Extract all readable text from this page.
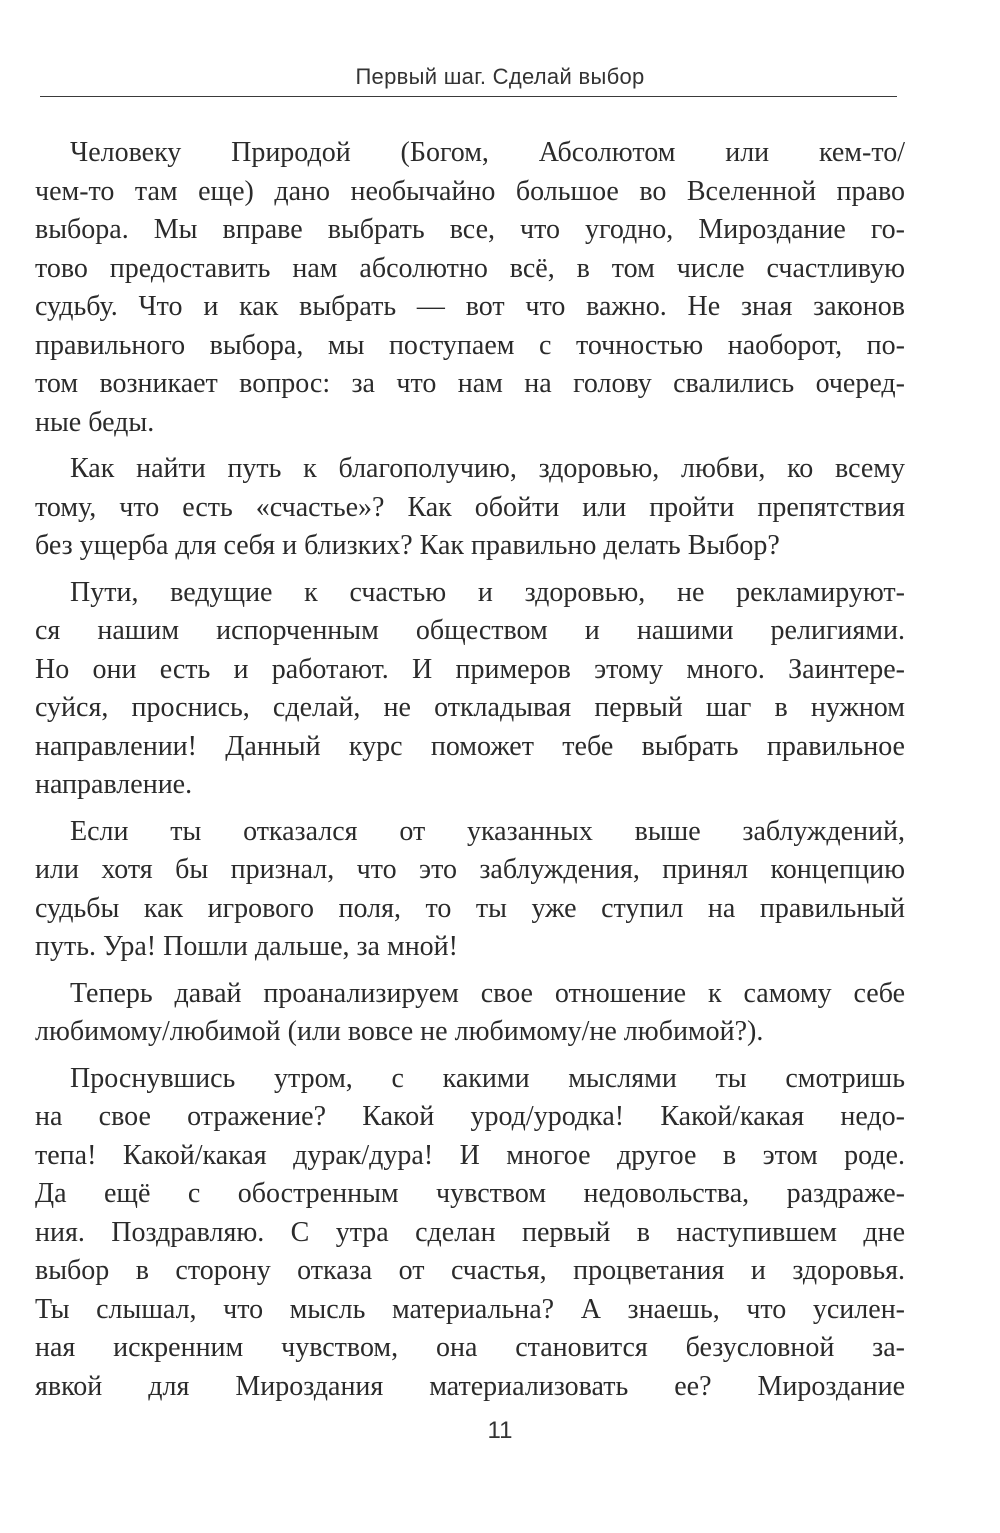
Первый шаг. Сделай выбор
Человеку Природой (Богом, Абсолютом или кем-то/
чем-то там еще) дано необычайно большое во Вселенной право
выбора. Мы вправе выбрать все, что угодно, Мироздание го-
тово предоставить нам абсолютно всё, в том числе счастливую
судьбу. Что и как выбрать — вот что важно. Не зная законов
правильного выбора, мы поступаем с точностью наоборот, по-
том возникает вопрос: за что нам на голову свалились очеред-
ные беды.
Как найти путь к благополучию, здоровью, любви, ко всему
тому, что есть «счастье»? Как обойти или пройти препятствия
без ущерба для себя и близких? Как правильно делать Выбор?
Пути, ведущие к счастью и здоровью, не рекламируют-
ся нашим испорченным обществом и нашими религиями.
Но они есть и работают. И примеров этому много. Заинтере-
суйся, проснись, сделай, не откладывая первый шаг в нужном
направлении! Данный курс поможет тебе выбрать правильное
направление.
Если ты отказался от указанных выше заблуждений,
или хотя бы признал, что это заблуждения, принял концепцию
судьбы как игрового поля, то ты уже ступил на правильный
путь. Ура! Пошли дальше, за мной!
Теперь давай проанализируем свое отношение к самому себе
любимому/любимой (или вовсе не любимому/не любимой?).
Проснувшись утром, с какими мыслями ты смотришь
на свое отражение? Какой урод/уродка! Какой/какая недо-
тепа! Какой/какая дурак/дура! И многое другое в этом роде.
Да ещё с обостренным чувством недовольства, раздраже-
ния. Поздравляю. С утра сделан первый в наступившем дне
выбор в сторону отказа от счастья, процветания и здоровья.
Ты слышал, что мысль материальна? А знаешь, что усилен-
ная искренним чувством, она становится безусловной за-
явкой для Мироздания материализовать ее? Мироздание
11
